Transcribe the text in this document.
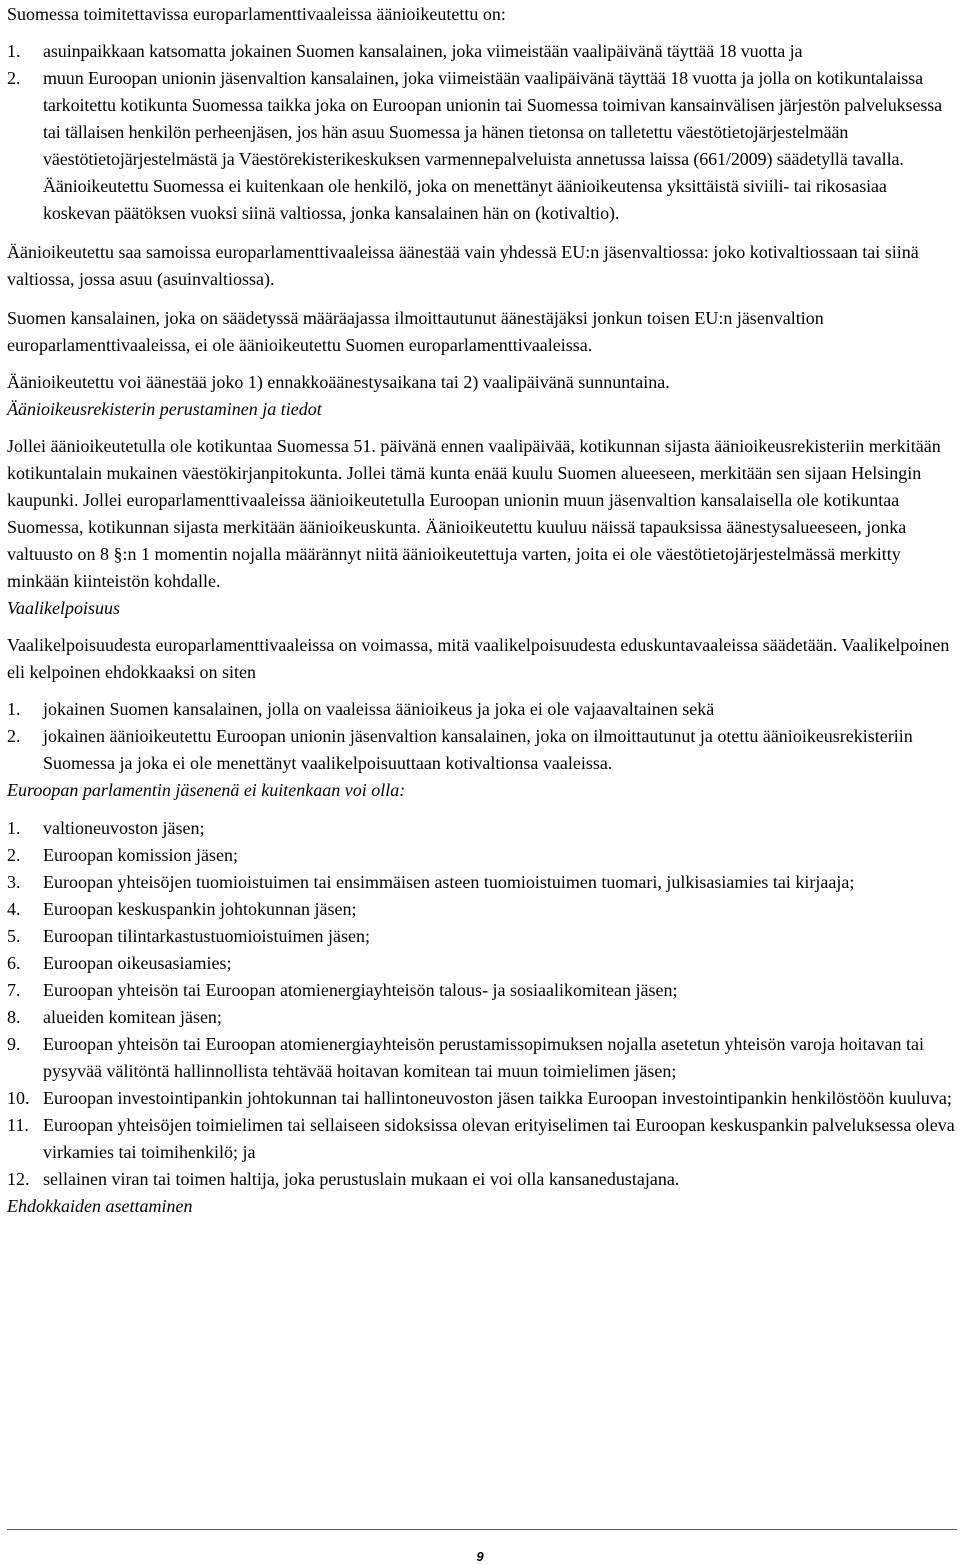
Suomessa toimitettavissa europarlamenttivaaleissa äänioikeutettu on:

1.	asuinpaikkaan katsomatta jokainen Suomen kansalainen, joka viimeistään vaalipäivänä täyttää 18 vuotta ja
2.	muun Euroopan unionin jäsenvaltion kansalainen, joka viimeistään vaalipäivänä täyttää 18 vuotta ja jolla on kotikuntalaissa tarkoitettu kotikunta Suomessa taikka joka on Euroopan unionin tai Suomessa toimivan kansainvälisen järjestön palveluksessa tai tällaisen henkilön perheenjäsen, jos hän asuu Suomessa ja hänen tietonsa on talletettu väestötietojärjestelmään väestötietojärjestelmästä ja Väestörekisterikeskuksen varmennepalveluista annetussa laissa (661/2009) säädetyllä tavalla. Äänioikeutettu Suomessa ei kuitenkaan ole henkilö, joka on menettänyt äänioikeutensa yksittäistä siviili- tai rikosasiaa koskevan päätöksen vuoksi siinä valtiossa, jonka kansalainen hän on (kotivaltio).

Äänioikeutettu saa samoissa europarlamenttivaaleissa äänestää vain yhdessä EU:n jäsenvaltiossa: joko kotivaltiossaan tai siinä valtiossa, jossa asuu (asuinvaltiossa).

Suomen kansalainen, joka on säädetyssä määräajassa ilmoittautunut äänestäjäksi jonkun toisen EU:n jäsenvaltion europarlamenttivaaleissa, ei ole äänioikeutettu Suomen europarlamenttivaaleissa.

Äänioikeutettu voi äänestää joko 1) ennakkoäänestysaikana tai 2) vaalipäivänä sunnuntaina.

Äänioikeusrekisterin perustaminen ja tiedot

Jollei äänioikeutetulla ole kotikuntaa Suomessa 51. päivänä ennen vaalipäivää, kotikunnan sijasta äänioikeusrekisteriin merkitään kotikuntalain mukainen väestökirjanpitokunta. Jollei tämä kunta enää kuulu Suomen alueeseen, merkitään sen sijaan Helsingin kaupunki. Jollei europarlamenttivaaleissa äänioikeutetulla Euroopan unionin muun jäsenvaltion kansalaisella ole kotikuntaa Suomessa, kotikunnan sijasta merkitään äänioikeuskunta. Äänioikeutettu kuuluu näissä tapauksissa äänestysalueeseen, jonka valtuusto on 8 §:n 1 momentin nojalla määrännyt niitä äänioikeutettuja varten, joita ei ole väestötietojärjestelmässä merkitty minkään kiinteistön kohdalle.

Vaalikelpoisuus

Vaalikelpoisuudesta europarlamenttivaaleissa on voimassa, mitä vaalikelpoisuudesta eduskuntavaaleissa säädetään. Vaalikelpoinen eli kelpoinen ehdokkaaksi on siten

1.	jokainen Suomen kansalainen, jolla on vaaleissa äänioikeus ja joka ei ole vajaavaltainen sekä
2.	jokainen äänioikeutettu Euroopan unionin jäsenvaltion kansalainen, joka on ilmoittautunut ja otettu äänioikeusrekisteriin Suomessa ja joka ei ole menettänyt vaalikelpoisuuttaan kotivaltionsa vaaleissa.

Euroopan parlamentin jäsenenä ei kuitenkaan voi olla:

1.	valtioneuvoston jäsen;
2.	Euroopan komission jäsen;
3.	Euroopan yhteisöjen tuomioistuimen tai ensimmäisen asteen tuomioistuimen tuomari, julkisasiamies tai kirjaaja;
4.	Euroopan keskuspankin johtokunnan jäsen;
5.	Euroopan tilintarkastustuomioistuimen jäsen;
6.	Euroopan oikeusasiamies;
7.	Euroopan yhteisön tai Euroopan atomienergiayhteisön talous- ja sosiaalikomitean jäsen;
8.	alueiden komitean jäsen;
9.	Euroopan yhteisön tai Euroopan atomienergiayhteisön perustamissopimuksen nojalla asetetun yhteisön varoja hoitavan tai pysyvää välitöntä hallinnollista tehtävää hoitavan komitean tai muun toimielimen jäsen;
10. Euroopan investointipankin johtokunnan tai hallintoneuvoston jäsen taikka Euroopan investointipankin henkilöstöön kuuluva;
11. Euroopan yhteisöjen toimielimen tai sellaiseen sidoksissa olevan erityiselimen tai Euroopan keskuspankin palveluksessa oleva virkamies tai toimihenkilö; ja
12. sellainen viran tai toimen haltija, joka perustuslain mukaan ei voi olla kansanedustajana.

Ehdokkaiden asettaminen

9
